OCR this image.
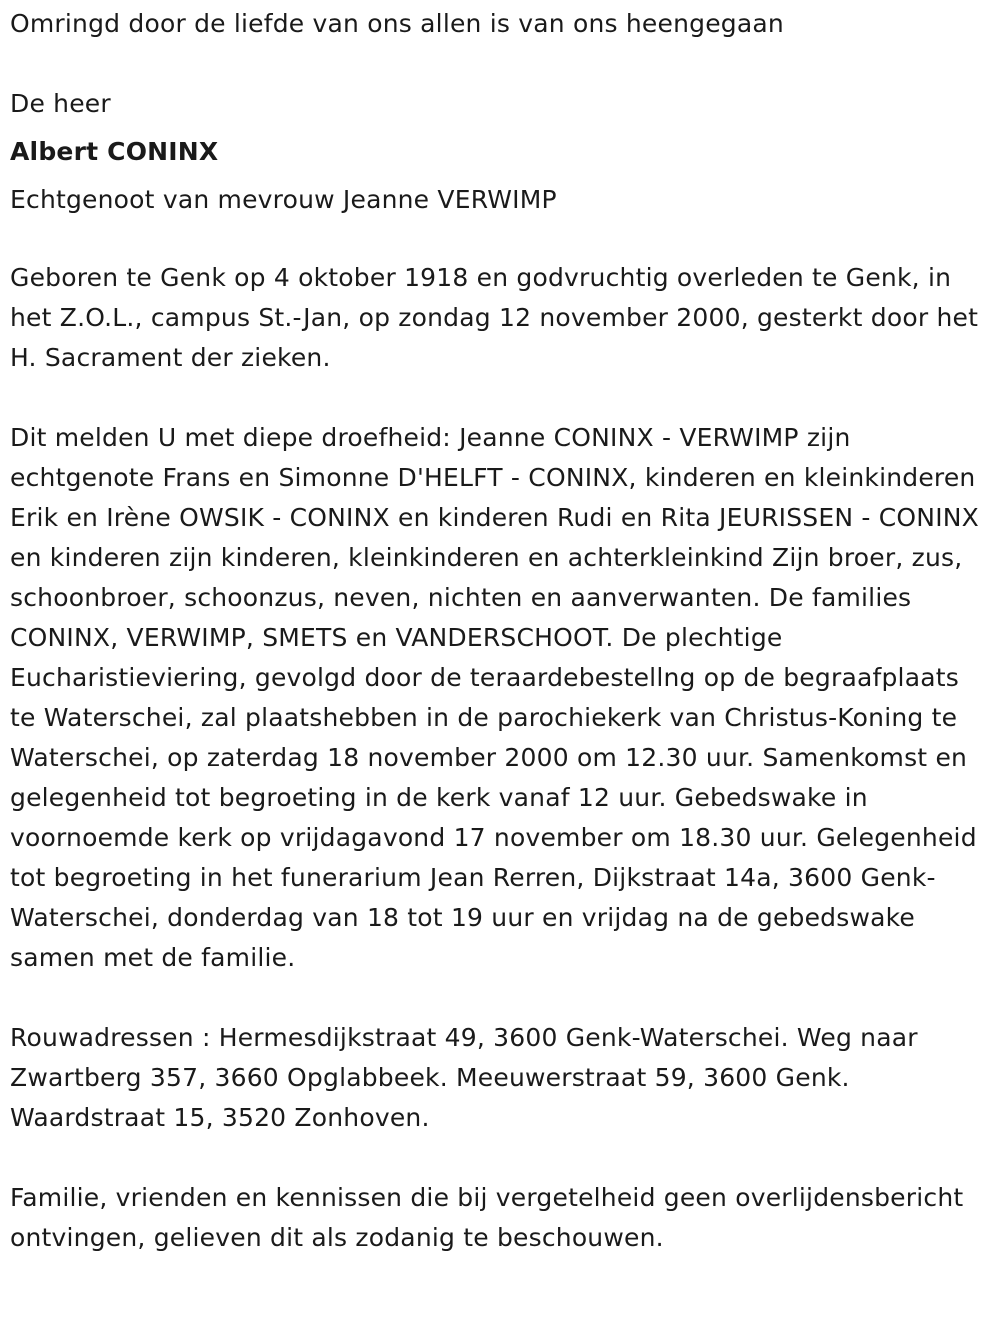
Omringd door de liefde van ons allen is van ons heengegaan

De heer

Albert CONINX

Echtgenoot van mevrouw Jeanne VERWIMP

Geboren te Genk op 4 oktober 1918 en godvruchtig overleden te Genk, in het Z.O.L., campus St.-Jan, op zondag 12 november 2000, gesterkt door het H. Sacrament der zieken.

Dit melden U met diepe droefheid: Jeanne CONINX - VERWIMP zijn echtgenote Frans en Simonne D'HELFT - CONINX, kinderen en kleinkinderen Erik en Irène OWSIK - CONINX en kinderen Rudi en Rita JEURISSEN - CONINX en kinderen zijn kinderen, kleinkinderen en achterkleinkind Zijn broer, zus, schoonbroer, schoonzus, neven, nichten en aanverwanten. De families CONINX, VERWIMP, SMETS en VANDERSCHOOT. De plechtige Eucharistieviering, gevolgd door de teraardebestellng op de begraafplaats te Waterschei, zal plaatshebben in de parochiekerk van Christus-Koning te Waterschei, op zaterdag 18 november 2000 om 12.30 uur. Samenkomst en gelegenheid tot begroeting in de kerk vanaf 12 uur. Gebedswake in voornoemde kerk op vrijdagavond 17 november om 18.30 uur. Gelegenheid tot begroeting in het funerarium Jean Rerren, Dijkstraat 14a, 3600 Genk-Waterschei, donderdag van 18 tot 19 uur en vrijdag na de gebedswake samen met de familie.

Rouwadressen : Hermesdijkstraat 49, 3600 Genk-Waterschei. Weg naar Zwartberg 357, 3660 Opglabbeek. Meeuwerstraat 59, 3600 Genk. Waardstraat 15, 3520 Zonhoven.

Familie, vrienden en kennissen die bij vergetelheid geen overlijdensbericht ontvingen, gelieven dit als zodanig te beschouwen.
